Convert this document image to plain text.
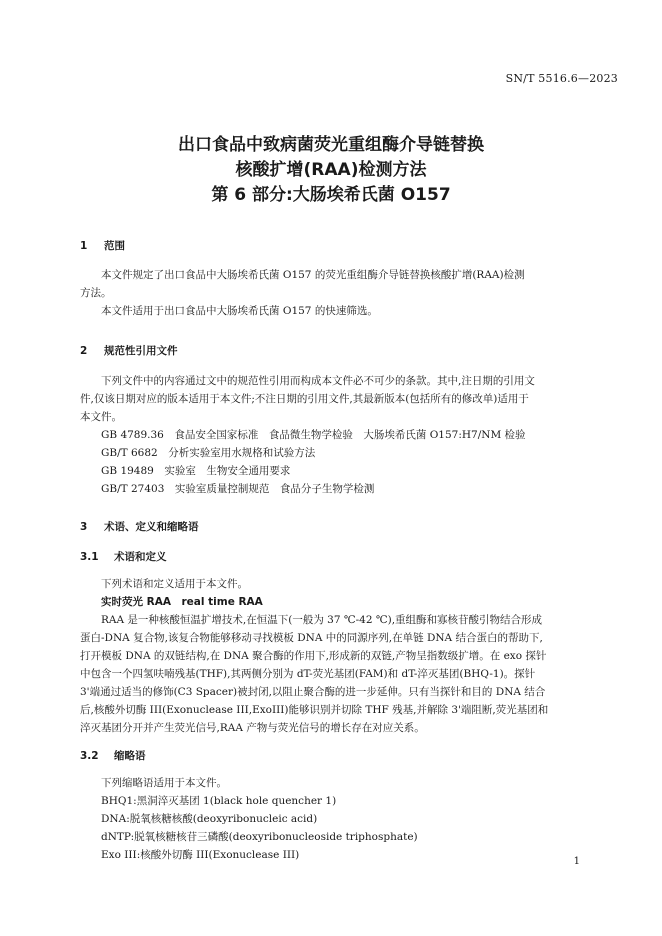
SN/T 5516.6—2023
出口食品中致病菌荧光重组酶介导链替换
核酸扩增(RAA)检测方法
第 6 部分:大肠埃希氏菌 O157
1 范围
本文件规定了出口食品中大肠埃希氏菌 O157 的荧光重组酶介导链替换核酸扩增(RAA)检测
方法。
本文件适用于出口食品中大肠埃希氏菌 O157 的快速筛选。
2 规范性引用文件
下列文件中的内容通过文中的规范性引用而构成本文件必不可少的条款。其中,注日期的引用文
件,仅该日期对应的版本适用于本文件;不注日期的引用文件,其最新版本(包括所有的修改单)适用于
本文件。
GB 4789.36　食品安全国家标准　食品微生物学检验　大肠埃希氏菌 O157:H7/NM 检验
GB/T 6682　分析实验室用水规格和试验方法
GB 19489　实验室　生物安全通用要求
GB/T 27403　实验室质量控制规范　食品分子生物学检测
3 术语、定义和缩略语
3.1 术语和定义
下列术语和定义适用于本文件。
实时荧光 RAA　real time RAA
RAA 是一种核酸恒温扩增技术,在恒温下(一般为 37 ℃-42 ℃),重组酶和寡核苷酸引物结合形成
蛋白-DNA 复合物,该复合物能够移动寻找模板 DNA 中的同源序列,在单链 DNA 结合蛋白的帮助下,
打开模板 DNA 的双链结构,在 DNA 聚合酶的作用下,形成新的双链,产物呈指数级扩增。在 exo 探针
中包含一个四氢呋喃残基(THF),其两侧分别为 dT-荧光基团(FAM)和 dT-淬灭基团(BHQ-1)。探针
3'端通过适当的修饰(C3 Spacer)被封闭,以阻止聚合酶的进一步延伸。只有当探针和目的 DNA 结合
后,核酸外切酶 III(Exonuclease III,ExoIII)能够识别并切除 THF 残基,并解除 3'端阻断,荧光基团和
淬灭基团分开并产生荧光信号,RAA 产物与荧光信号的增长存在对应关系。
3.2 缩略语
下列缩略语适用于本文件。
BHQ1:黑洞淬灭基团 1(black hole quencher 1)
DNA:脱氧核糖核酸(deoxyribonucleic acid)
dNTP:脱氧核糖核苷三磷酸(deoxyribonucleoside triphosphate)
Exo III:核酸外切酶 III(Exonuclease III)
1
